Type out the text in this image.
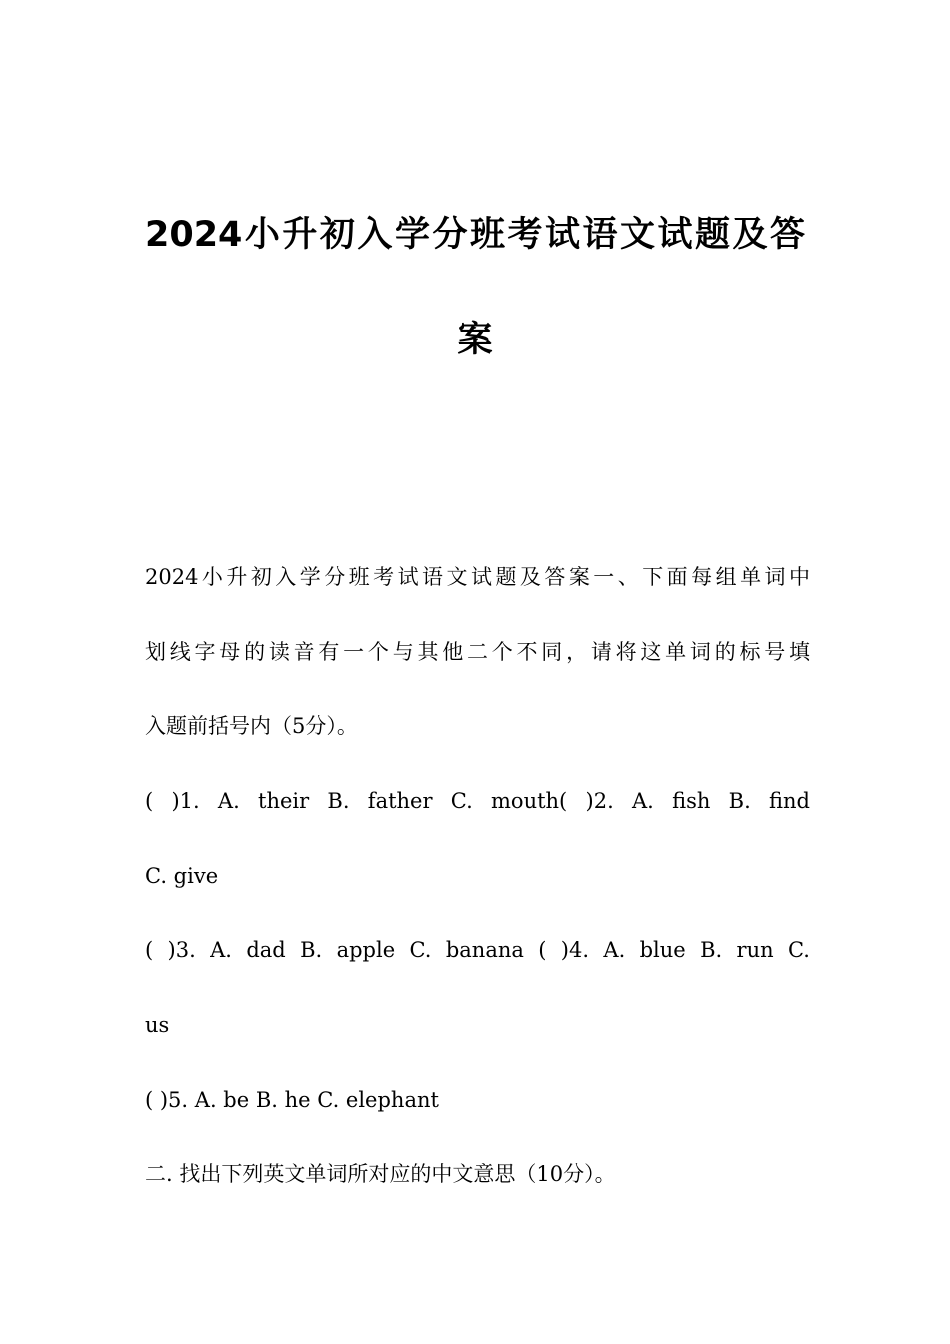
2024小升初入学分班考试语文试题及答
案
2024小升初入学分班考试语文试题及答案一、下面每组单词中
划线字母的读音有一个与其他二个不同，请将这单词的标号填
入题前括号内（5分）。
( )1. A. their B. father C. mouth( )2. A. fish B. find
C. give
( )3. A. dad B. apple C. banana ( )4. A. blue B. run C.
us
( )5. A. be B. he C. elephant
二. 找出下列英文单词所对应的中文意思（10分）。
